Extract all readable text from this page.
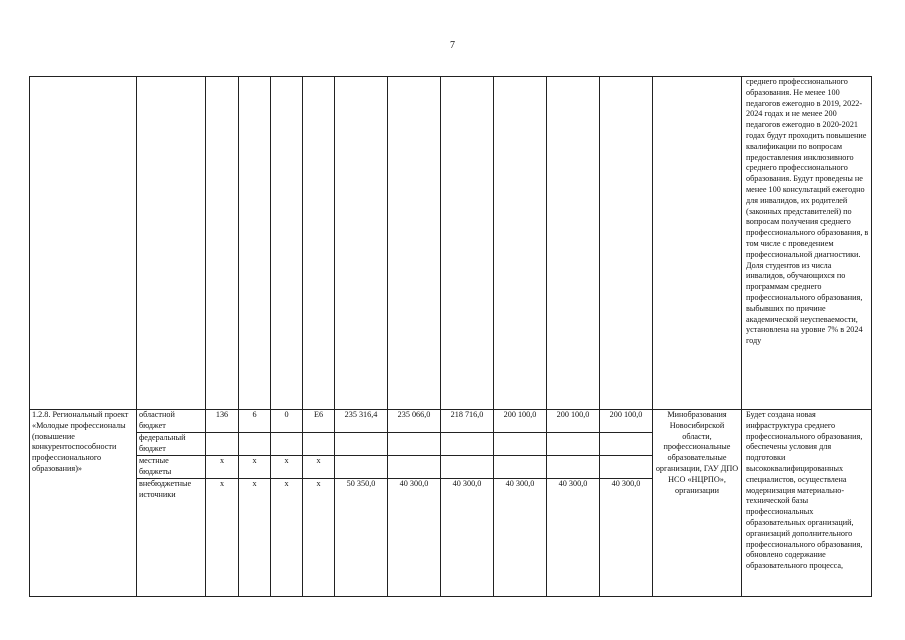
7
													среднего профессионального образования. Не менее 100 педагогов ежегодно в 2019, 2022-2024 годах и не менее 200 педагогов ежегодно в 2020-2021 годах будут проходить повышение квалификации по вопросам предоставления инклюзивного среднего профессионального образования. Будут проведены не менее 100 консультаций ежегодно для инвалидов, их родителей (законных представителей) по вопросам получения среднего профессионального образования, в том числе с проведением профессиональной диагностики. Доля студентов из числа инвалидов, обучающихся по программам среднего профессионального образования, выбывших по причине академической неуспеваемости, установлена на уровне 7% в 2024 году
1.2.8. Региональный проект «Молодые профессионалы (повышение конкурентоспособности профессионального образования)»	областной бюджет	136	6	0	Е6	235 316,4	235 066,0	218 716,0	200 100,0	200 100,0	200 100,0	Минобразования Новосибирской области, профессиональные образовательные организации, ГАУ ДПО НСО «НЦРПО», организации	Будет создана новая инфраструктура среднего профессионального образования, обеспечены условия для подготовки высококвалифицированных специалистов, осуществлена модернизация материально-технической базы профессиональных образовательных организаций, организаций дополнительного профессионального образования, обновлено содержание образовательного процесса,
	федеральный бюджет												
	местные бюджеты	х	х	х	х								
	внебюджетные источники	х	х	х	х	50 350,0	40 300,0	40 300,0	40 300,0	40 300,0	40 300,0		
